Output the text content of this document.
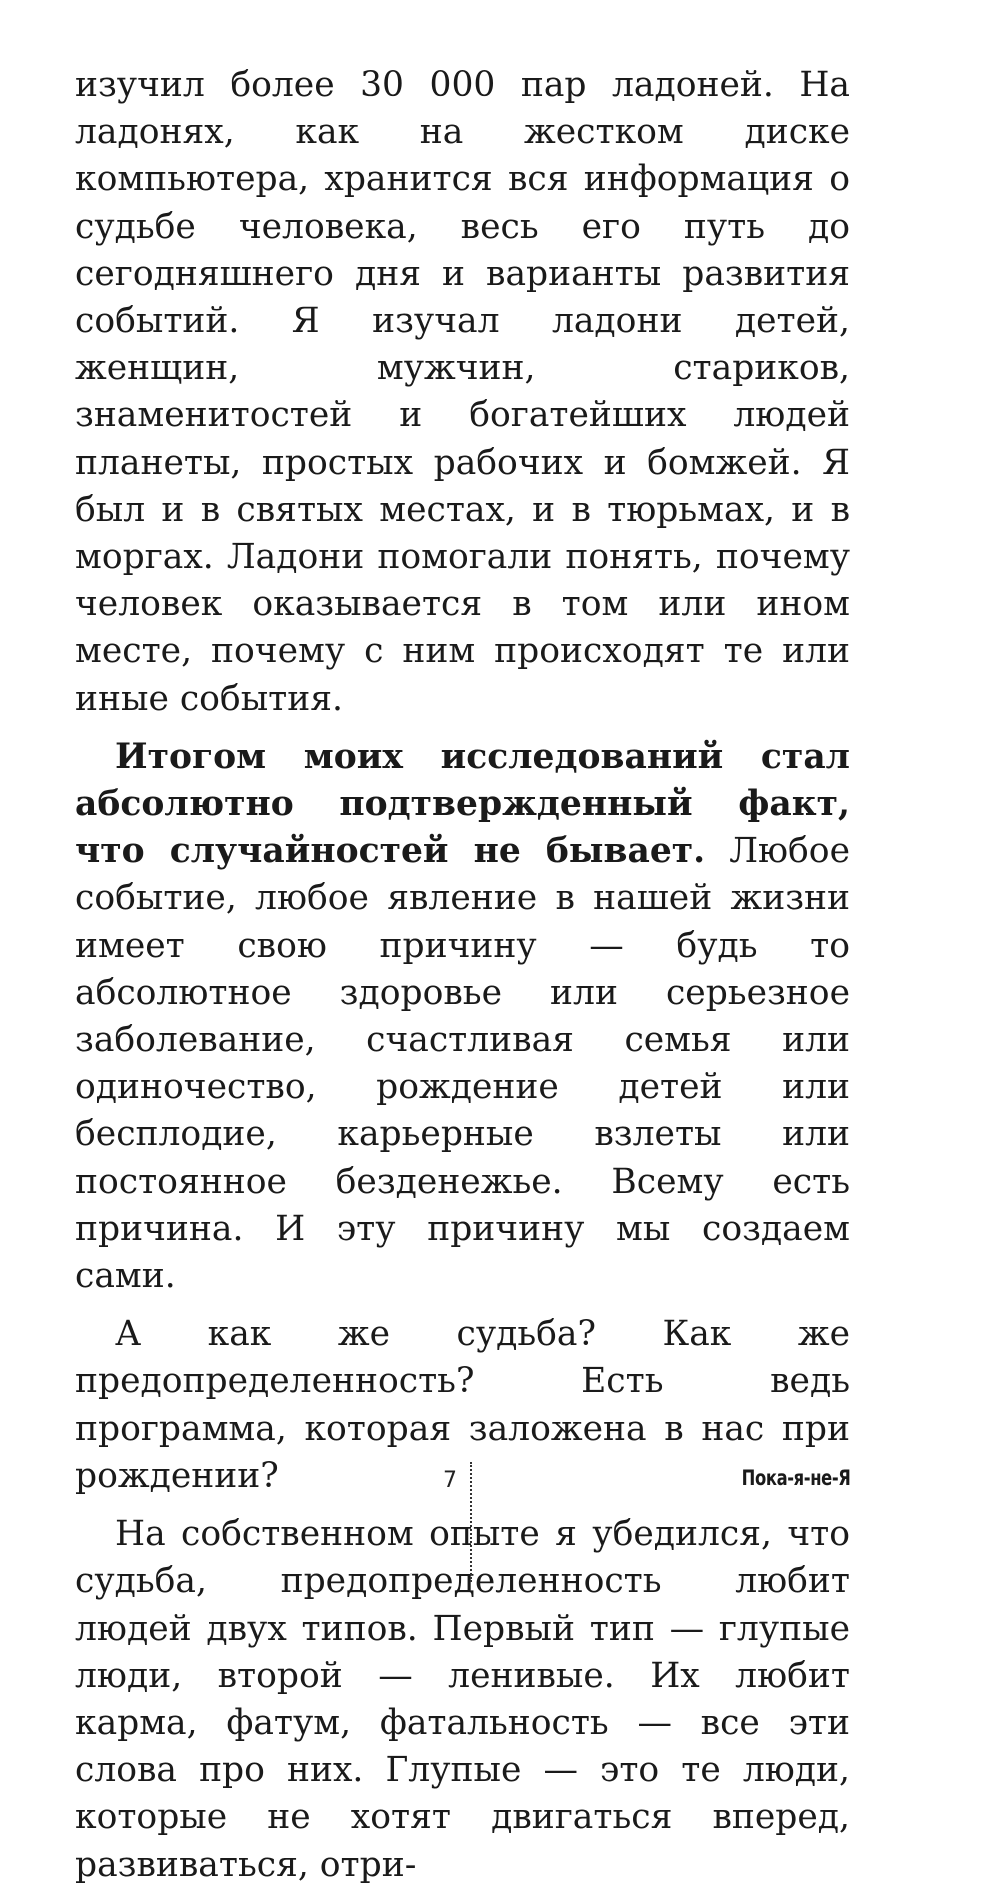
изучил более 30 000 пар ладоней. На ладонях, как на жестком диске компьютера, хранится вся информация о судьбе человека, весь его путь до сегодняшнего дня и варианты развития событий. Я изучал ладони детей, женщин, мужчин, стариков, знаменитостей и богатейших людей планеты, простых рабочих и бомжей. Я был и в святых местах, и в тюрьмах, и в моргах. Ладони помогали понять, почему человек оказывается в том или ином месте, почему с ним происходят те или иные события.

Итогом моих исследований стал абсолютно подтвержденный факт, что случайностей не бывает. Любое событие, любое явление в нашей жизни имеет свою причину — будь то абсолютное здоровье или серьезное заболевание, счастливая семья или одиночество, рождение детей или бесплодие, карьерные взлеты или постоянное безденежье. Всему есть причина. И эту причину мы создаем сами.

А как же судьба? Как же предопределенность? Есть ведь программа, которая заложена в нас при рождении?

На собственном опыте я убедился, что судьба, предопределенность любит людей двух типов. Первый тип — глупые люди, второй — ленивые. Их любит карма, фатум, фатальность — все эти слова про них. Глупые — это те люди, которые не хотят двигаться вперед, развиваться, отри-

7	Пока-я-не-Я
